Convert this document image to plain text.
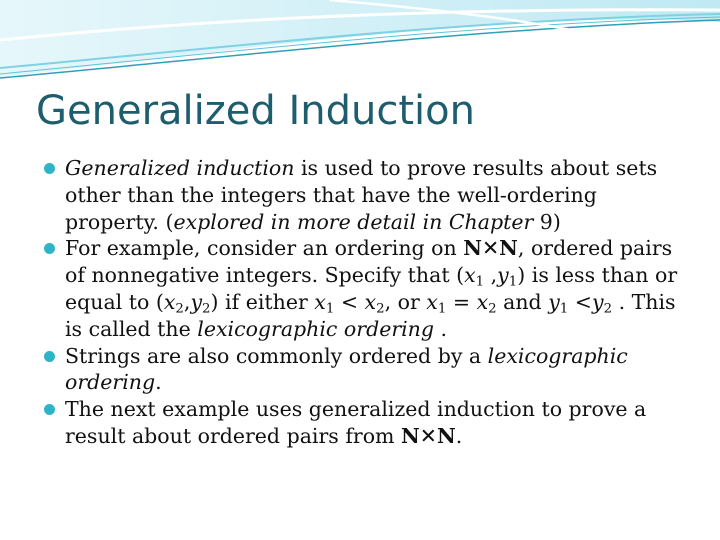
Generalized Induction
Generalized induction is used to prove results about sets other than the integers that have the well-ordering property. (explored in more detail in Chapter 9)
For example, consider an ordering on N✕N, ordered pairs of nonnegative integers. Specify that ($x_1$ $,y_1$) is less than or equal to $(x_2,y_2)$ if either $x_1 < x_2$, or $x_1 = x_2$ and $y_1 <y_2$ . This is called the lexicographic ordering .
Strings are also commonly ordered by a lexicographic ordering.
The next example uses generalized induction to prove a result about ordered pairs from N✕N.
